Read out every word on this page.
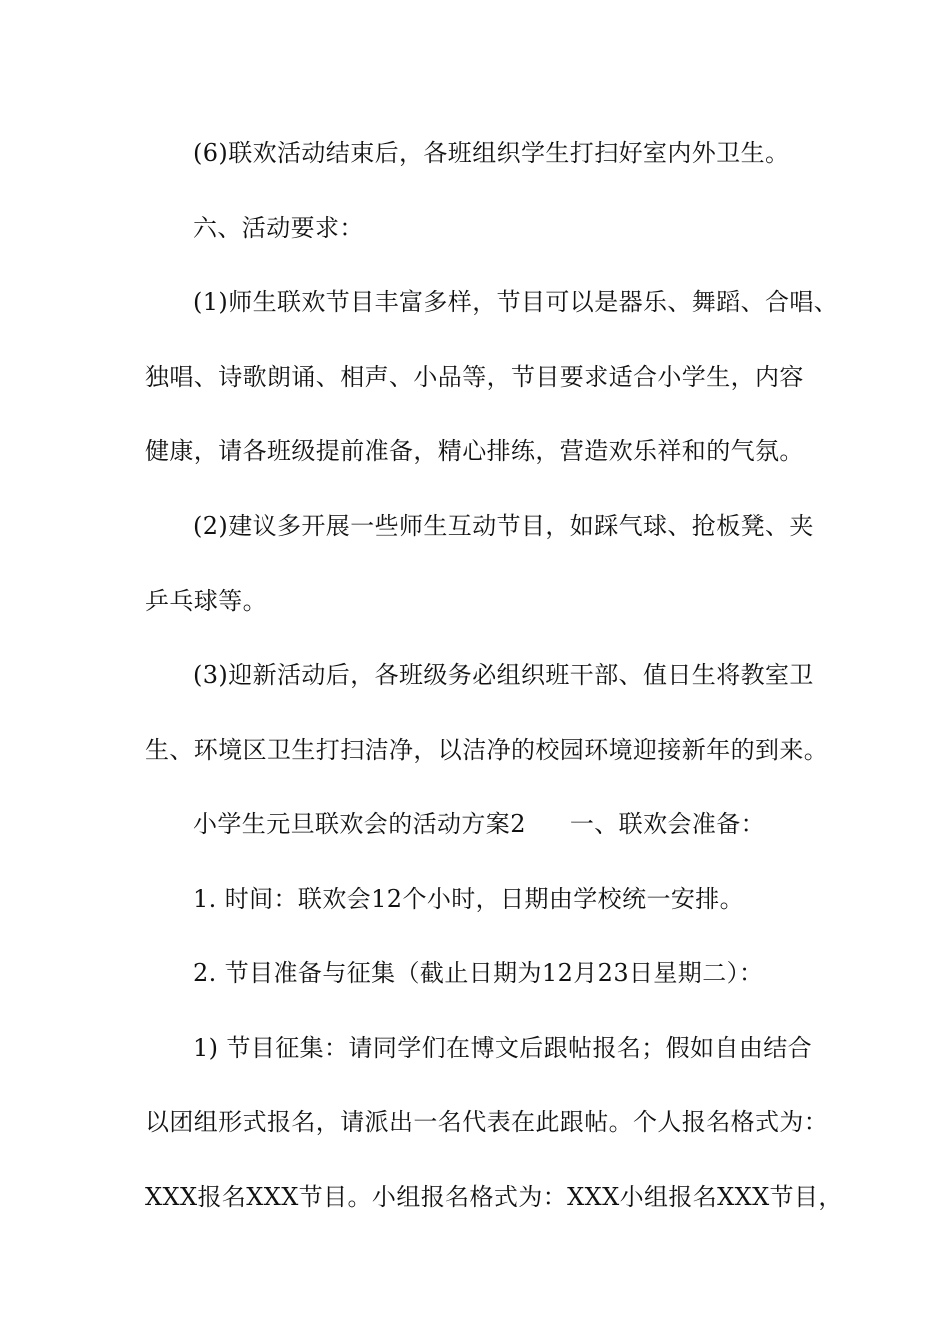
(6)联欢活动结束后，各班组织学生打扫好室内外卫生。
六、活动要求：
(1)师生联欢节目丰富多样，节目可以是器乐、舞蹈、合唱、
独唱、诗歌朗诵、相声、小品等，节目要求适合小学生，内容
健康，请各班级提前准备，精心排练，营造欢乐祥和的气氛。
(2)建议多开展一些师生互动节目，如踩气球、抢板凳、夹
乒乓球等。
(3)迎新活动后，各班级务必组织班干部、值日生将教室卫
生、环境区卫生打扫洁净，以洁净的校园环境迎接新年的到来。
小学生元旦联欢会的活动方案2 一、联欢会准备：
1. 时间：联欢会12个小时，日期由学校统一安排。
2. 节目准备与征集（截止日期为12月23日星期二）：
1) 节目征集：请同学们在博文后跟帖报名；假如自由结合
以团组形式报名，请派出一名代表在此跟帖。个人报名格式为：
XXX报名XXX节目。小组报名格式为：XXX小组报名XXX节目，
